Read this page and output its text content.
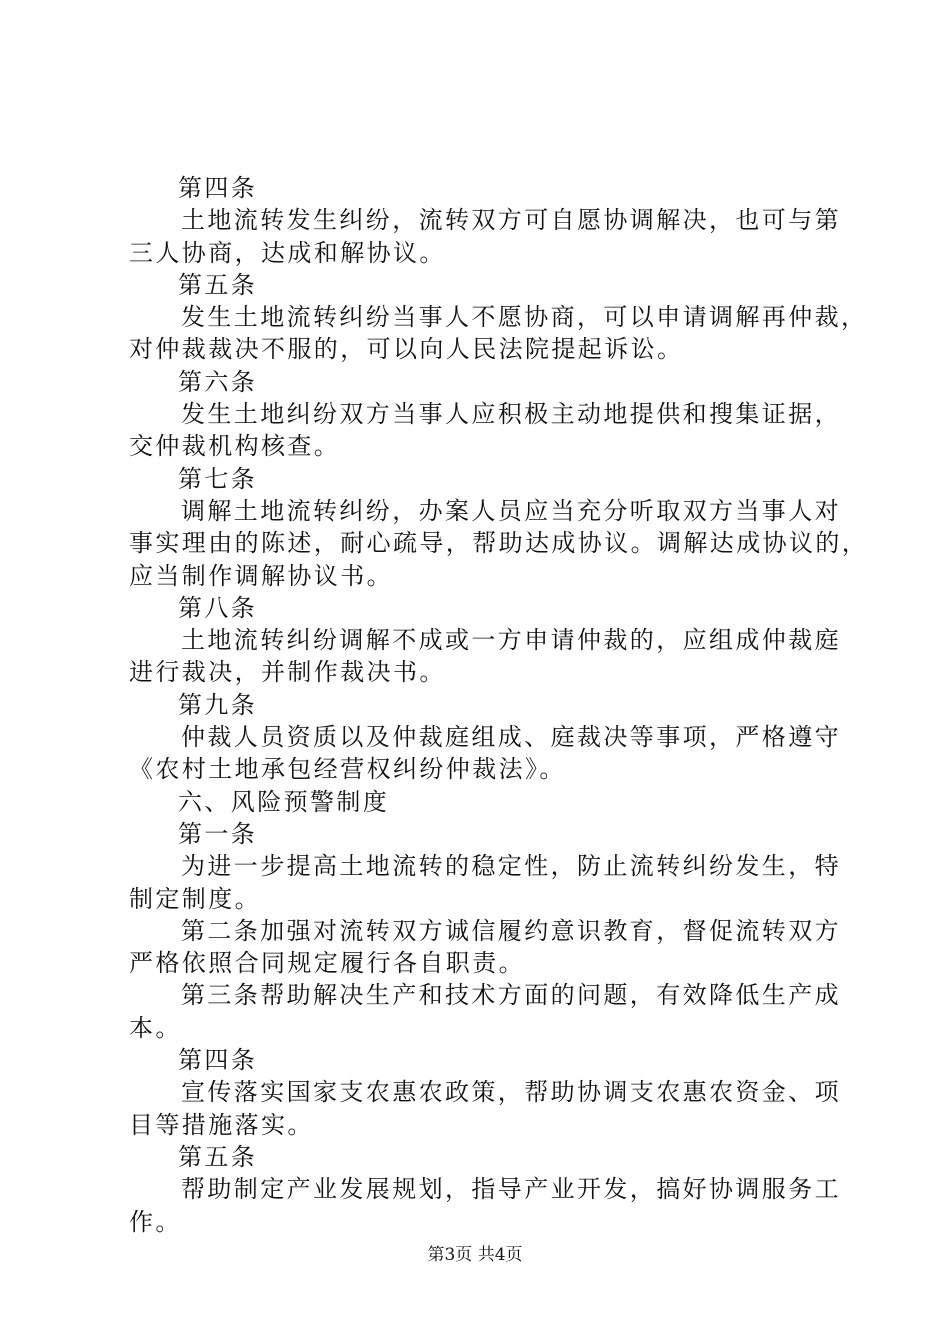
第四条
土地流转发生纠纷，流转双方可自愿协调解决，也可与第
三人协商，达成和解协议。
第五条
发生土地流转纠纷当事人不愿协商，可以申请调解再仲裁，
对仲裁裁决不服的，可以向人民法院提起诉讼。
第六条
发生土地纠纷双方当事人应积极主动地提供和搜集证据，
交仲裁机构核查。
第七条
调解土地流转纠纷，办案人员应当充分听取双方当事人对
事实理由的陈述，耐心疏导，帮助达成协议。调解达成协议的，
应当制作调解协议书。
第八条
土地流转纠纷调解不成或一方申请仲裁的，应组成仲裁庭
进行裁决，并制作裁决书。
第九条
仲裁人员资质以及仲裁庭组成、庭裁决等事项，严格遵守
《农村土地承包经营权纠纷仲裁法》。
六、风险预警制度
第一条
为进一步提高土地流转的稳定性，防止流转纠纷发生，特
制定制度。
第二条加强对流转双方诚信履约意识教育，督促流转双方
严格依照合同规定履行各自职责。
第三条帮助解决生产和技术方面的问题，有效降低生产成
本。
第四条
宣传落实国家支农惠农政策，帮助协调支农惠农资金、项
目等措施落实。
第五条
帮助制定产业发展规划，指导产业开发，搞好协调服务工
作。
第3页 共4页
